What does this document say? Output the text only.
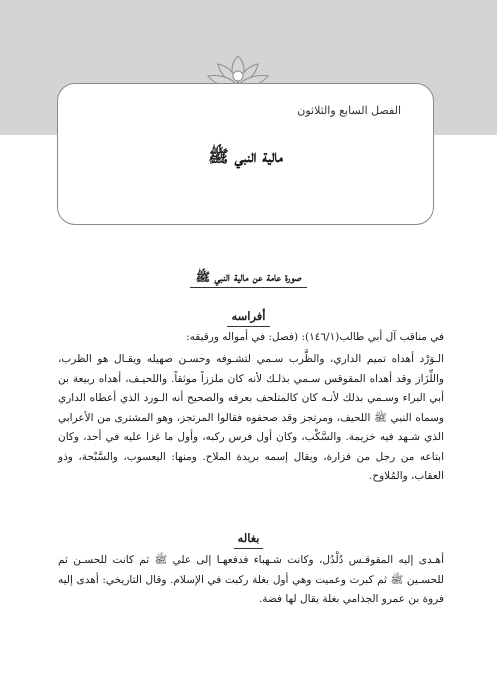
الفصل السابع والثلاثون
مالية النبي ﷺ
صورة عامة عن مالية النبي ﷺ
أفراسه

في مناقب آل أبي طالب(١٤٦/١): (فصل: في أمواله ورقيقه:

الـوَرْد أهداه تميم الداري، والظَّرب سـمي لتشـوفه وحسـن صهيله ويقـال هو الظرب، واللِّزَاز وقد أهداه المقوقس سـمي بذلـك لأنه كان ملززاً موثقاً. واللحيـف، أهداه ربيعة بن أبي البراء وسـمي بذلك لأنـه كان كالمتلحف بعرفه والصحيح أنه الـورد الذي أعطاه الداري وسماه النبي ﷺ اللحيف، ومرتجز وقد صحفوه فقالوا المرتجز، وهو المشترى من الأعرابي الذي شـهد فيه خزيمة. والسَّكْب، وكان أول فرس ركبه، وأول ما غزا عليه في أحد، وكان ابتاعه من رجل من فزارة، ويقال إسمه بريدة الملاح. ومنها: اليعسوب، والسَّبْحة، وذو العقاب، والمُلاوح.

بغاله

أهـدى إليه المقوقـس دُلْدُل، وكانت شـهباء فدفعهـا إلى علي ﷺ ثم كانت للحسـن ثم للحسـين ﷺ ثم كبرت وعميت وهي أول بغلة ركبت في الإسلام. وقال التاريخي: أهدى إليه فروة بن عمرو الجذامي بغلة يقال لها فضة.
